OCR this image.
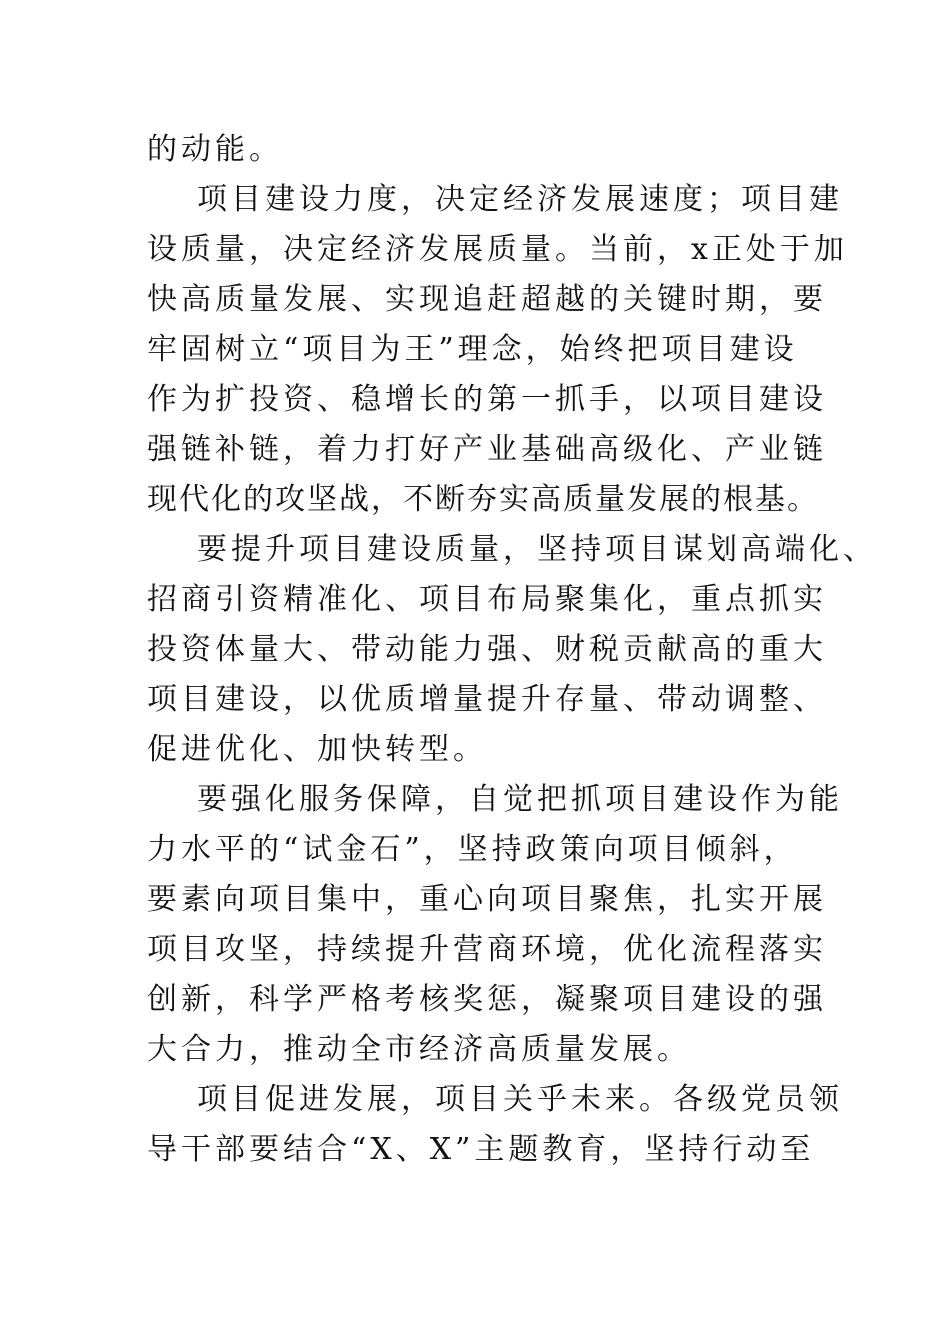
的动能。
项目建设力度，决定经济发展速度；项目建
设质量，决定经济发展质量。当前，x正处于加
快高质量发展、实现追赶超越的关键时期，要
牢固树立“项目为王”理念，始终把项目建设
作为扩投资、稳增长的第一抓手，以项目建设
强链补链，着力打好产业基础高级化、产业链
现代化的攻坚战，不断夯实高质量发展的根基。
要提升项目建设质量，坚持项目谋划高端化、
招商引资精准化、项目布局聚集化，重点抓实
投资体量大、带动能力强、财税贡献高的重大
项目建设，以优质增量提升存量、带动调整、
促进优化、加快转型。
要强化服务保障，自觉把抓项目建设作为能
力水平的“试金石”，坚持政策向项目倾斜，
要素向项目集中，重心向项目聚焦，扎实开展
项目攻坚，持续提升营商环境，优化流程落实
创新，科学严格考核奖惩，凝聚项目建设的强
大合力，推动全市经济高质量发展。
项目促进发展，项目关乎未来。各级党员领
导干部要结合“X、X”主题教育，坚持行动至
